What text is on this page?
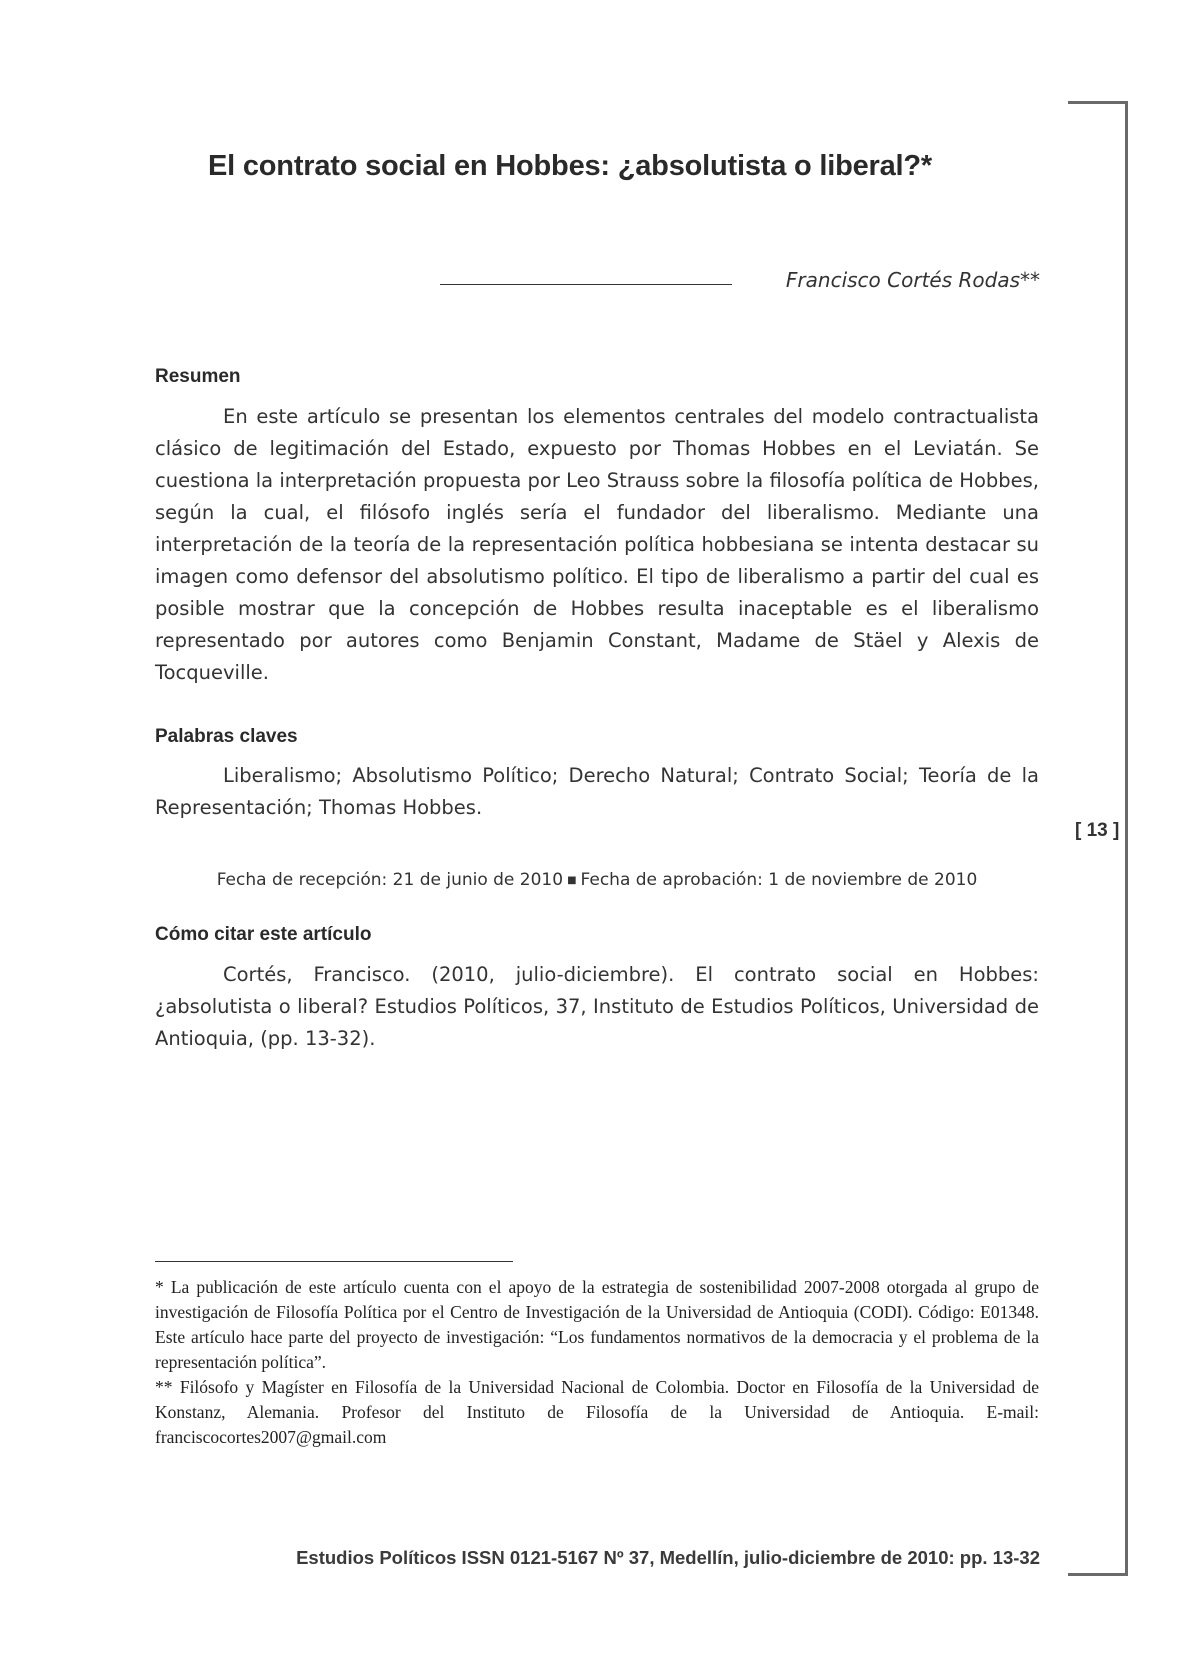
El contrato social en Hobbes: ¿absolutista o liberal?*
Francisco Cortés Rodas**
Resumen

En este artículo se presentan los elementos centrales del modelo contractualista clásico de legitimación del Estado, expuesto por Thomas Hobbes en el Leviatán. Se cuestiona la interpretación propuesta por Leo Strauss sobre la filosofía política de Hobbes, según la cual, el filósofo inglés sería el fundador del liberalismo. Mediante una interpretación de la teoría de la representación política hobbesiana se intenta destacar su imagen como defensor del absolutismo político. El tipo de liberalismo a partir del cual es posible mostrar que la concepción de Hobbes resulta inaceptable es el liberalismo representado por autores como Benjamin Constant, Madame de Stäel y Alexis de Tocqueville.

Palabras claves

Liberalismo; Absolutismo Político; Derecho Natural; Contrato Social; Teoría de la Representación; Thomas Hobbes.

Fecha de recepción: 21 de junio de 2010 ■ Fecha de aprobación: 1 de noviembre de 2010
Cómo citar este artículo

Cortés, Francisco. (2010, julio-diciembre). El contrato social en Hobbes: ¿absolutista o liberal? Estudios Políticos, 37, Instituto de Estudios Políticos, Universidad de Antioquia, (pp. 13-32).

* La publicación de este artículo cuenta con el apoyo de la estrategia de sostenibilidad 2007-2008 otorgada al grupo de investigación de Filosofía Política por el Centro de Investigación de la Universidad de Antioquia (CODI). Código: E01348. Este artículo hace parte del proyecto de investigación: “Los fundamentos normativos de la democracia y el problema de la representación política”.

** Filósofo y Magíster en Filosofía de la Universidad Nacional de Colombia. Doctor en Filosofía de la Universidad de Konstanz, Alemania. Profesor del Instituto de Filosofía de la Universidad de Antioquia. E-mail: franciscocortes2007@gmail.com

Estudios Políticos ISSN 0121-5167 Nº 37, Medellín, julio-diciembre de 2010: pp. 13-32
[ 13 ]
